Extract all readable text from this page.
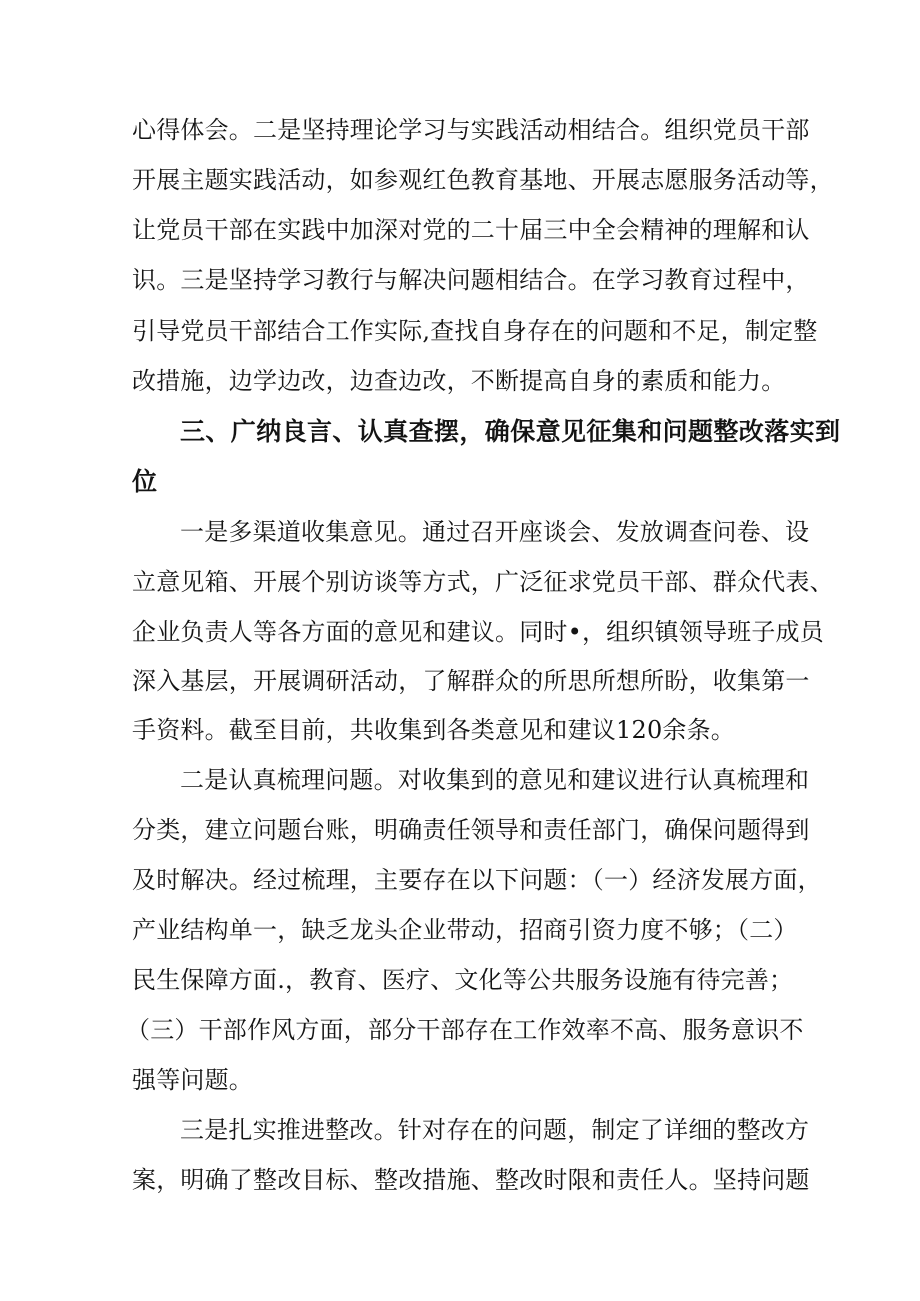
心得体会。二是坚持理论学习与实践活动相结合。组织党员干部
开展主题实践活动，如参观红色教育基地、开展志愿服务活动等，
让党员干部在实践中加深对党的二十届三中全会精神的理解和认
识。三是坚持学习教行与解决问题相结合。在学习教育过程中，
引导党员干部结合工作实际,查找自身存在的问题和不足，制定整
改措施，边学边改，边查边改，不断提高自身的素质和能力。
三、广纳良言、认真查摆，确保意见征集和问题整改落实到
位
一是多渠道收集意见。通过召开座谈会、发放调查问卷、设
立意见箱、开展个别访谈等方式，广泛征求党员干部、群众代表、
企业负责人等各方面的意见和建议。同时•，组织镇领导班子成员
深入基层，开展调研活动，了解群众的所思所想所盼，收集第一
手资料。截至目前，共收集到各类意见和建议120余条。
二是认真梳理问题。对收集到的意见和建议进行认真梳理和
分类，建立问题台账，明确责任领导和责任部门，确保问题得到
及时解决。经过梳理，主要存在以下问题：（一）经济发展方面，
产业结构单一，缺乏龙头企业带动，招商引资力度不够；（二）
民生保障方面.，教育、医疗、文化等公共服务设施有待完善；
（三）干部作风方面，部分干部存在工作效率不高、服务意识不
强等问题。
三是扎实推进整改。针对存在的问题，制定了详细的整改方
案，明确了整改目标、整改措施、整改时限和责任人。坚持问题
